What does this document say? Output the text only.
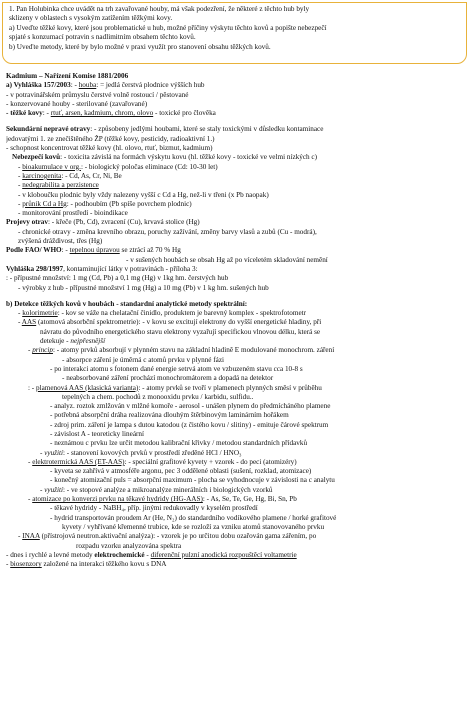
1. Pan Holubinka chce uvádět na trh zavařované houby, má však podezření, že některé z těchto hub byly
sklizeny v oblastech s vysokým zatížením těžkými kovy.
a) Uveďte těžké kovy, které jsou problematické u hub, možné příčiny výskytu těchto kovů a popište nebezpečí
spjaté s konzumací potravin s nadlimitním obsahem těchto kovů.
b) Uveďte metody, které by bylo možné v praxi využít pro stanovení obsahu těžkých kovů.
Kadmium – Nařízení Komise 1881/2006
a) Vyhláška 157/2003: - houba: = jedlá čerstvá plodnice výšších hub
- v potravinářském průmyslu čerstvé volně rostoucí / pěstované
- konzervované houby - sterilované (zavařované)
- těžké kovy: - rtuť, arsen, kadmium, chrom, olovo - toxické pro člověka
Sekundární nepravé otravy: - způsobeny jedlými houbami, které se staly toxickými v důsledku kontaminace
jedovatými 1. ze znečištěného ŽP (těžké kovy, pesticidy, radioaktivní 1.)
- schopnost koncentrovat těžké kovy (hl. olovo, rtuť, bizmut, kadmium)
Nebezpečí kovů: - toxicita závislá na formách výskytu kovu (hl. těžké kovy - toxické ve velmi nízkých c)
- bioakumulace v org.: - biologický poločas eliminace (Cd: 10-30 let)
- karcinogenita: - Cd, As, Cr, Ni, Be
- nedegrabilita a perzistence
- v kloboučku plodnic byly vždy nalezeny vyšší c Cd a Hg, než-li v třeni (x Pb naopak)
- průnik Cd a Hg: - podhoubím (Pb spíše povrchem plodnic)
- monitorování prostředí - bioindikace
Projevy otrav: - křeče (Pb, Cd), zvracení (Cu), krvavá stolice (Hg)
- chronické otravy - změna krevního obrazu, poruchy zažívání, změny barvy vlasů a zubů (Cu - modrá),
zvýšená dráždivost, třes (Hg)
Podle FAO/ WHO: - tepelnou úpravou se ztrácí až 70 % Hg
- v sušených houbách se obsah Hg až po víceletém skladování nemění
Vyhláška 298/1997, kontaminující látky v potravinách - příloha 3:
: - přípustné množství: 1 mg (Cd, Pb) a 0,1 mg (Hg) v 1kg hm. čerstvých hub
- výrobky z hub - přípustné množství 1 mg (Hg) a 10 mg (Pb) v 1 kg hm. sušených hub
b) Detekce těžkých kovů v houbách - standardní analytické metody spektrální:
- kolorimetrie: - kov se váže na chelatační činidlo, produktem je barevný komplex - spektrofotometr
- AAS (atomová absorbční spektrometrie): - v kovu se excitují elektrony do vyšší energetické hladiny, při
návratu do původního energetického stavu elektrony vyzařují specifickou vlnovou délku, která se
detekuje - nejpřesnější
- princip: - atomy prvků absorbují v plynném stavu na základní hladině E modulované monochrom. záření
- absorpce záření je úměrná c atomů prvku v plynné fázi
- po interakci atomu s fotonem dané energie setrvá atom ve vzbuzeném stavu cca 10-8 s
- neabsorbované záření prochází monochromátorem a dopadá na detektor
: - plamenová AAS (klasická varianta): - atomy prvků se tvoří v plamenech plynných směsí v průběhu
tepelných a chem. pochodů z monooxidu prvku / karbidu, sulfidu..
- analyz. roztok zmlžován v mlžné komoře - aerosol - unášen plynem do předmícháného plamene
- potřebná absorpční dráha realizována dlouhým štěrbinovým laminárním hořákem
- zdroj prim. záření je lampa s dutou katodou (z čistého kovu / slitiny) - emituje čárové spektrum
- závislost A - teoreticky lineární
- neznámou c prvku lze určit metodou kalibrační křivky / metodou standardních přídavků
- využití: - stanovení kovových prvků v prostředí zředěné HCl / HNO₃
- elektrotermická AAS (ET-AAS): - speciální grafitové kyvety + vzorek - do peci (atomizéry)
- kyveta se zahřívá v atmosféře argonu, pec 3 oddělené oblasti (sušení, rozklad, atomizace)
- konečný atomizační puls = absorpční maximum - plocha se vyhodnocuje v závislosti na c analytu
- využití: - ve stopové analýze a mikroanalýze minerálních i biologických vzorků
- atomizace po konverzi prvku na těkavé hydridy (HG-AAS): - As, Se, Te, Ge, Hg, Bi, Sn, Pb
- těkavé hydridy - NaBH₄, příp. jinými redukovadly v kyselém prostředí
- hydrid transportován proudem Ar (He, N₂) do standardního vodíkového plamene / horké grafitové
kyvety / vyhřívané křemenné trubice, kde se rozloží za vzniku atomů stanovovaného prvku
- INAA (přístrojová neutron.aktivační analýza): - vzorek je po určitou dobu ozařován gama zářením, po
rozpadu vzorku analyzována spektra
- dnes i rychlé a levné metody elektrochemické - diferenční pulzní anodická rozpouštěcí voltametrie
- biosenzory založené na interakci těžkého kovu s DNA
